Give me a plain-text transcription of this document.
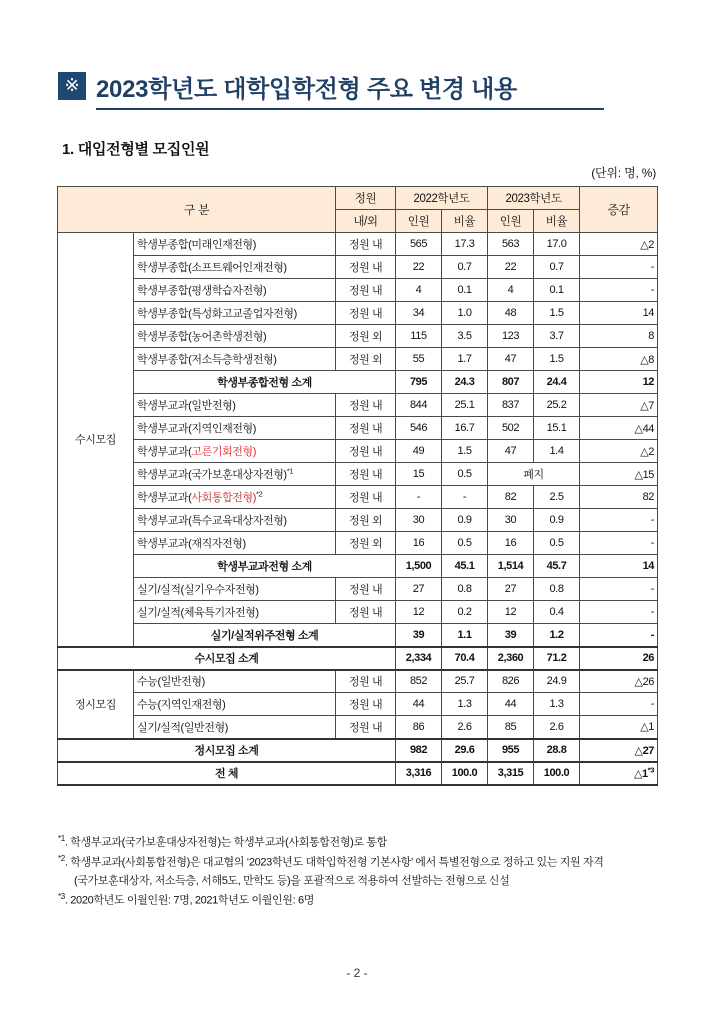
※ 2023학년도 대학입학전형 주요 변경 내용
1. 대입전형별 모집인원
(단위: 명, %)
구 분		정원	2022학년도		2023학년도		증감
		내/외	인원	비율	인원	비율	
수시모집	학생부종합(미래인재전형)	정원 내	565	17.3	563	17.0	△2
	학생부종합(소프트웨어인재전형)	정원 내	22	0.7	22	0.7	-
	학생부종합(평생학습자전형)	정원 내	4	0.1	4	0.1	-
	학생부종합(특성화고교졸업자전형)	정원 내	34	1.0	48	1.5	14
	학생부종합(농어촌학생전형)	정원 외	115	3.5	123	3.7	8
	학생부종합(저소득층학생전형)	정원 외	55	1.7	47	1.5	△8
	학생부종합전형 소계		795	24.3	807	24.4	12
	학생부교과(일반전형)	정원 내	844	25.1	837	25.2	△7
	학생부교과(지역인재전형)	정원 내	546	16.7	502	15.1	△44
	학생부교과(고른기회전형)	정원 내	49	1.5	47	1.4	△2
	학생부교과(국가보훈대상자전형)$^{*1}$	정원 내	15	0.5	폐지		△15
	학생부교과(사회통합전형)$^{*2}$	정원 내	-	-	82	2.5	82
	학생부교과(특수교육대상자전형)	정원 외	30	0.9	30	0.9	-
	학생부교과(재직자전형)	정원 외	16	0.5	16	0.5	-
	학생부교과전형 소계		1,500	45.1	1,514	45.7	14
	실기/실적(실기우수자전형)	정원 내	27	0.8	27	0.8	-
	실기/실적(체육특기자전형)	정원 내	12	0.2	12	0.4	-
	실기/실적위주전형 소계		39	1.1	39	1.2	-
수시모집 소계			2,334	70.4	2,360	71.2	26
정시모집	수능(일반전형)	정원 내	852	25.7	826	24.9	△26
	수능(지역인재전형)	정원 내	44	1.3	44	1.3	-
	실기/실적(일반전형)	정원 내	86	2.6	85	2.6	△1
정시모집 소계			982	29.6	955	28.8	△27
전 체			3,316	100.0	3,315	100.0	△1$^{*3}$
$^{*1}$. 학생부교과(국가보훈대상자전형)는 학생부교과(사회통합전형)로 통합
$^{*2}$. 학생부교과(사회통합전형)은 대교협의 ‘2023학년도 대학입학전형 기본사항’ 에서 특별전형으로 정하고 있는 지원 자격
(국가보훈대상자, 저소득층, 서해5도, 만학도 등)을 포괄적으로 적용하여 선발하는 전형으로 신설
$^{*3}$. 2020학년도 이월인원: 7명, 2021학년도 이월인원: 6명
- 2 -
